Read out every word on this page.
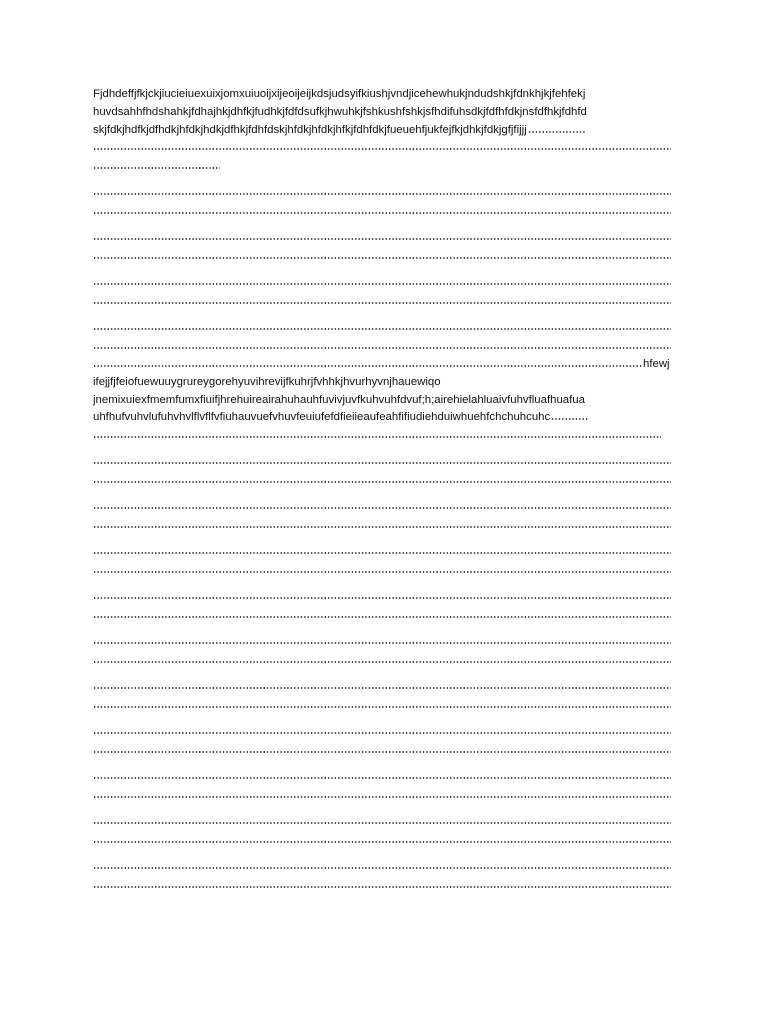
Fjdhdeffjfkjckjiucieiuexuixjomxuiuoijxijeoijeijkdsjudsyifkiushjvndjicehewhukjndudshkjfdnkhjkjfehfekj
huvdsahhfhdshahkjfdhajhkjdhfkjfudhkjfdfdsufkjhwuhkjfshkushfshkjsfhdifuhsdkjfdfhfdkjnsfdfhkjfdhfd
skjfdkjhdfkjdfhdkjhfdkjhdkjdfhkjfdhfdskjhfdkjhfdkjhfkjfdhfdkjfueuehfjukfejfkjdhkjfdkjgfjfijjj
hfewj
ifejjfjfeiofuewuuygrureygorehyuvihrevijfkuhrjfvhhkjhvurhyvnjhauewiqo
jnemixuiexfmemfumxfiuifjhrehuireairahuhauhfuvivjuvfkuhvuhfdvuf;h;airehielahluaivfuhvfluafhuafua
uhfhufvuhvlufuhvhvlflvflfvfiuhauvuefvhuvfeuiufefdfieiieaufeahfifiudiehduiwhuehfchchuhcuhc
